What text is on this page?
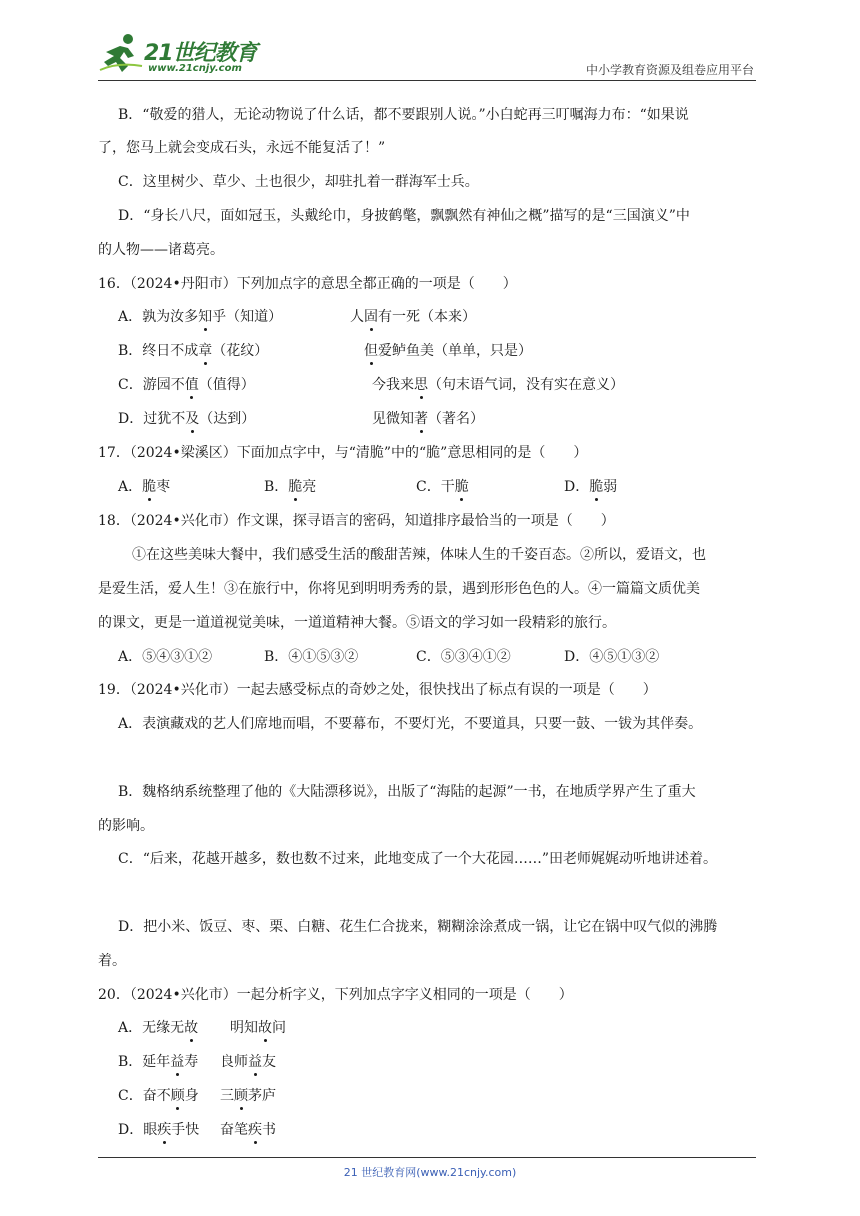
21世纪教育
www.21cnjy.com	中小学教育资源及组卷应用平台
B．“敬爱的猎人，无论动物说了什么话，都不要跟别人说。”小白蛇再三叮嘱海力布：“如果说
了，您马上就会变成石头，永远不能复活了！”
C．这里树少、草少、土也很少，却驻扎着一群海军士兵。
D．“身长八尺，面如冠玉，头戴纶巾，身披鹤氅，飘飘然有神仙之概”描写的是“三国演义”中
的人物——诸葛亮。
16．（2024•丹阳市）下列加点字的意思全都正确的一项是（　　）
A．孰为汝多知乎（知道）	人固有一死（本来）
B．终日不成章（花纹）	但爱鲈鱼美（单单，只是）
C．游园不值（值得）	今我来思（句末语气词，没有实在意义）
D．过犹不及（达到）	见微知著（著名）
17．（2024•梁溪区）下面加点字中，与“清脆”中的“脆”意思相同的是（　　）
A．脆枣	B．脆亮	C．干脆	D．脆弱
18．（2024•兴化市）作文课，探寻语言的密码，知道排序最恰当的一项是（　　）
①在这些美味大餐中，我们感受生活的酸甜苦辣，体味人生的千姿百态。②所以，爱语文，也
是爱生活，爱人生！③在旅行中，你将见到明明秀秀的景，遇到形形色色的人。④一篇篇文质优美
的课文，更是一道道视觉美味，一道道精神大餐。⑤语文的学习如一段精彩的旅行。
A．⑤④③①②	B．④①⑤③②	C．⑤③④①②	D．④⑤①③②
19．（2024•兴化市）一起去感受标点的奇妙之处，很快找出了标点有误的一项是（　　）
A．表演藏戏的艺人们席地而唱，不要幕布，不要灯光，不要道具，只要一鼓、一钹为其伴奏。
B．魏格纳系统整理了他的《大陆漂移说》，出版了“海陆的起源”一书，在地质学界产生了重大
的影响。
C．“后来，花越开越多，数也数不过来，此地变成了一个大花园……”田老师娓娓动听地讲述着。
D．把小米、饭豆、枣、栗、白糖、花生仁合拢来，糊糊涂涂煮成一锅，让它在锅中叹气似的沸腾
着。
20．（2024•兴化市）一起分析字义，下列加点字字义相同的一项是（　　）
A．无缘无故 明知故问
B．延年益寿 良师益友
C．奋不顾身 三顾茅庐
D．眼疾手快 奋笔疾书
21 世纪教育网(www.21cnjy.com)
